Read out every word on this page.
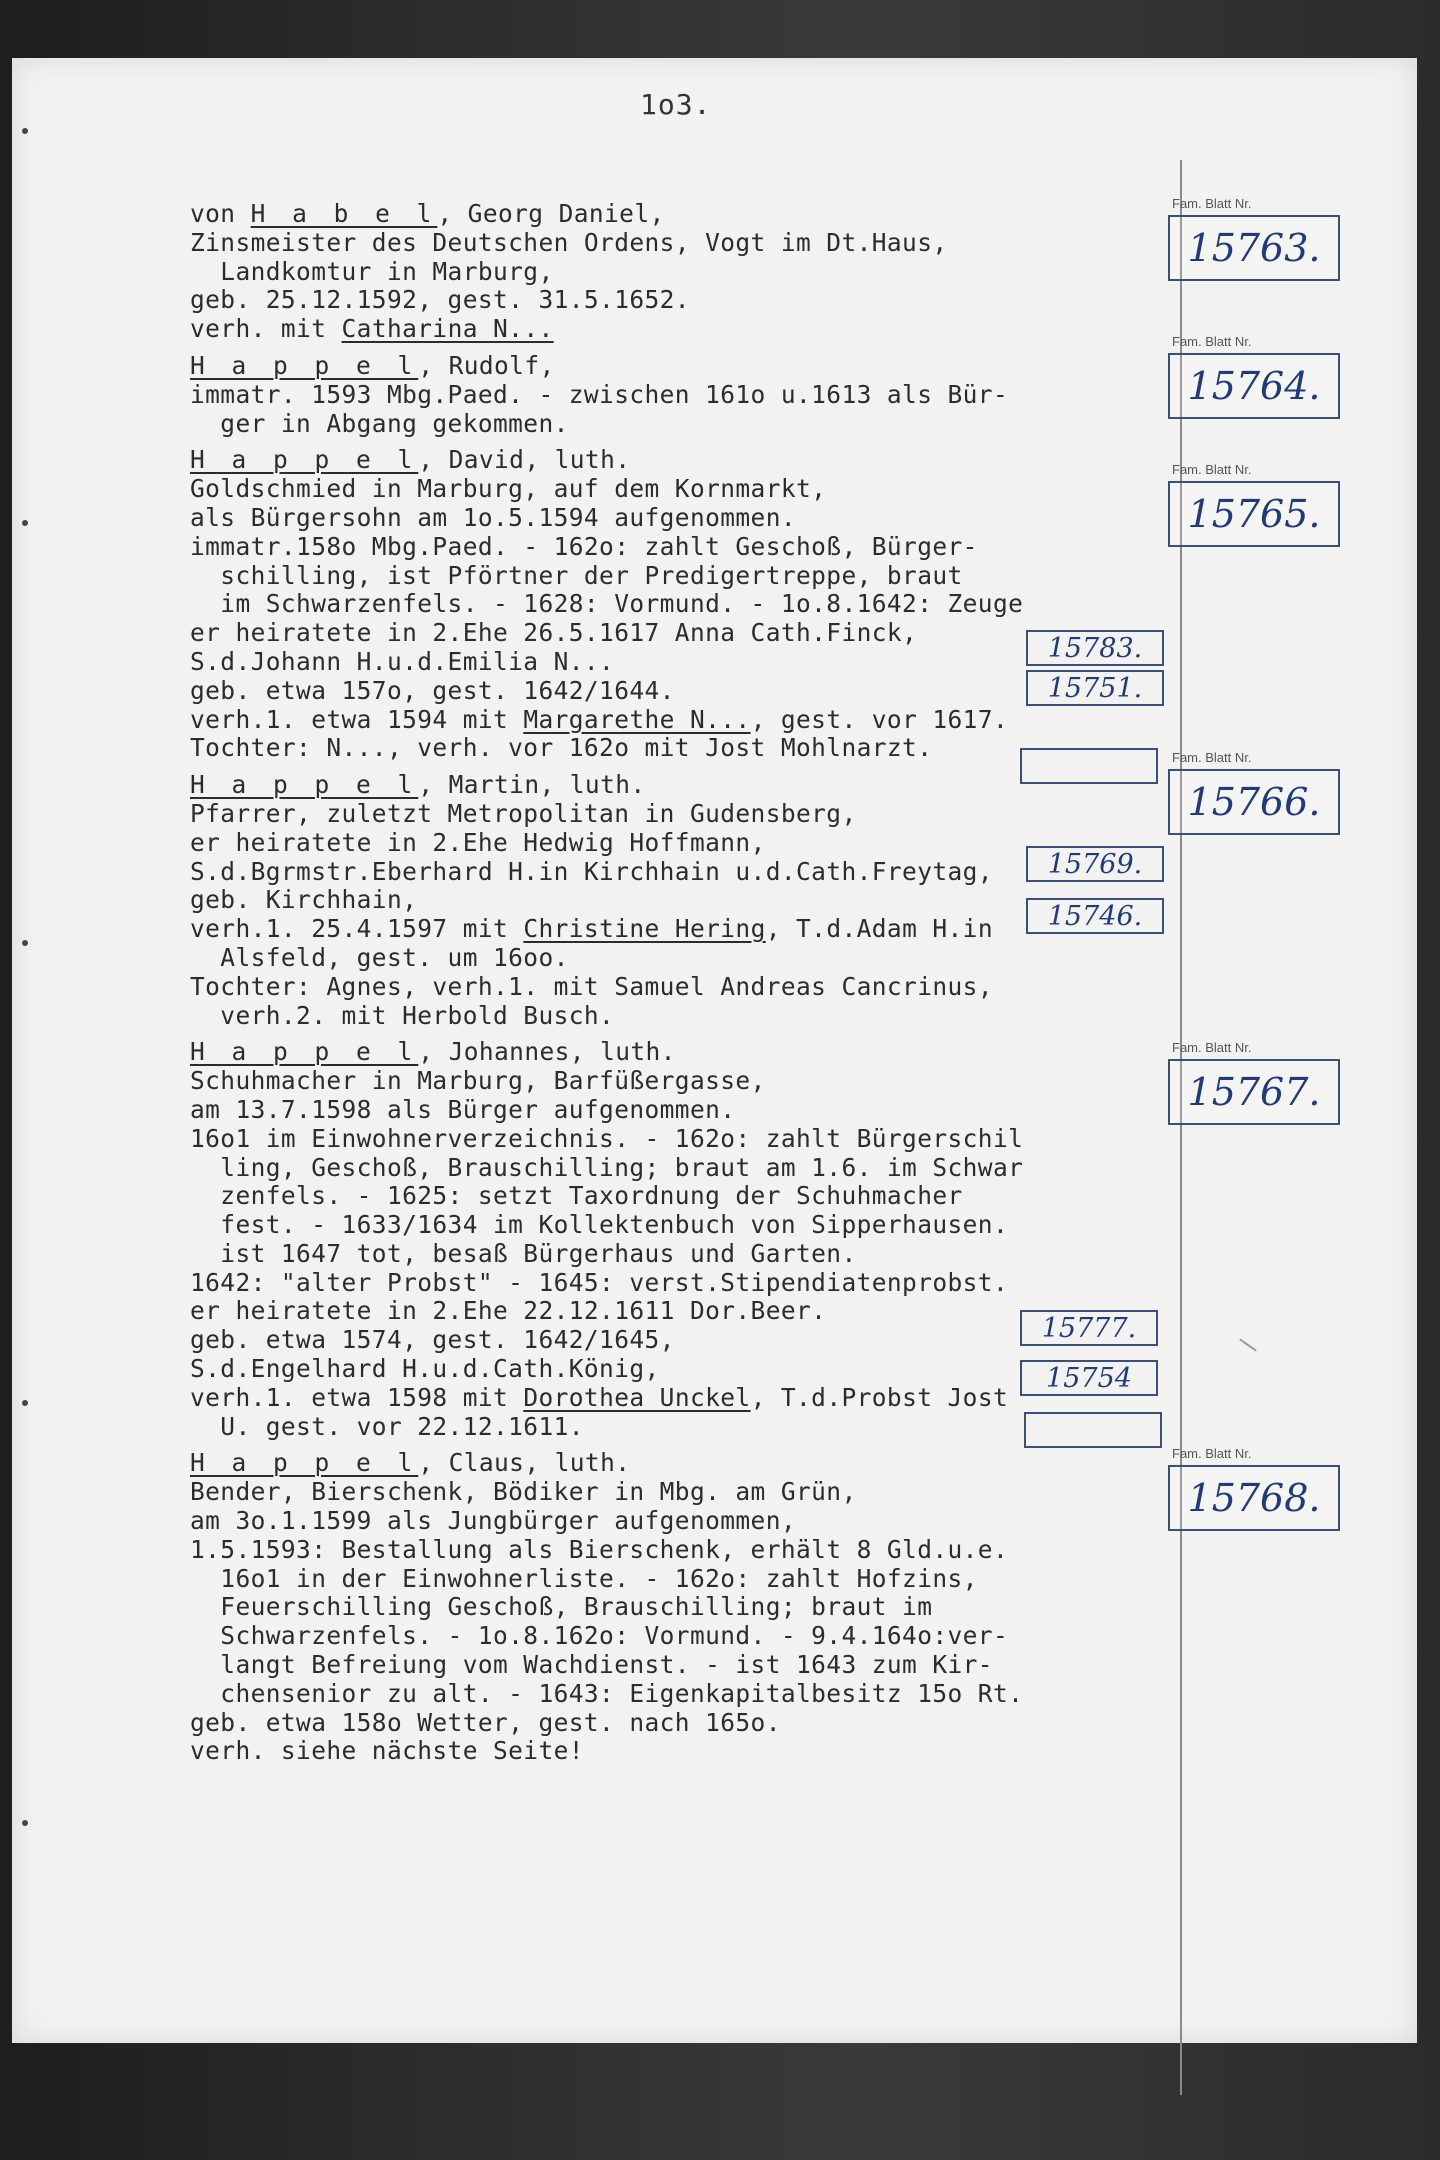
1o3.
von H a b e l, Georg Daniel,
Zinsmeister des Deutschen Ordens, Vogt im Dt.Haus,
Landkomtur in Marburg,
geb. 25.12.1592, gest. 31.5.1652.
verh. mit Catharina N...
H a p p e l, Rudolf,
immatr. 1593 Mbg.Paed. - zwischen 161o u.1613 als Bür-
ger in Abgang gekommen.
H a p p e l, David, luth.
Goldschmied in Marburg, auf dem Kornmarkt,
als Bürgersohn am 1o.5.1594 aufgenommen.
immatr.158o Mbg.Paed. - 162o: zahlt Geschoß, Bürger-
schilling, ist Pförtner der Predigertreppe, braut
im Schwarzenfels. - 1628: Vormund. - 1o.8.1642: Zeuge
er heiratete in 2.Ehe 26.5.1617 Anna Cath.Finck,
S.d.Johann H.u.d.Emilia N...
geb. etwa 157o, gest. 1642/1644.
verh.1. etwa 1594 mit Margarethe N..., gest. vor 1617.
Tochter: N..., verh. vor 162o mit Jost Mohlnarzt.
H a p p e l, Martin, luth.
Pfarrer, zuletzt Metropolitan in Gudensberg,
er heiratete in 2.Ehe Hedwig Hoffmann,
S.d.Bgrmstr.Eberhard H.in Kirchhain u.d.Cath.Freytag,
geb. Kirchhain,
verh.1. 25.4.1597 mit Christine Hering, T.d.Adam H.in
Alsfeld, gest. um 16oo.
Tochter: Agnes, verh.1. mit Samuel Andreas Cancrinus,
verh.2. mit Herbold Busch.
H a p p e l, Johannes, luth.
Schuhmacher in Marburg, Barfüßergasse,
am 13.7.1598 als Bürger aufgenommen.
16o1 im Einwohnerverzeichnis. - 162o: zahlt Bürgerschil
ling, Geschoß, Brauschilling; braut am 1.6. im Schwar
zenfels. - 1625: setzt Taxordnung der Schuhmacher
fest. - 1633/1634 im Kollektenbuch von Sipperhausen.
ist 1647 tot, besaß Bürgerhaus und Garten.
1642: "alter Probst" - 1645: verst.Stipendiatenprobst.
er heiratete in 2.Ehe 22.12.1611 Dor.Beer.
geb. etwa 1574, gest. 1642/1645,
S.d.Engelhard H.u.d.Cath.König,
verh.1. etwa 1598 mit Dorothea Unckel, T.d.Probst Jost
U. gest. vor 22.12.1611.
H a p p e l, Claus, luth.
Bender, Bierschenk, Bödiker in Mbg. am Grün,
am 3o.1.1599 als Jungbürger aufgenommen,
1.5.1593: Bestallung als Bierschenk, erhält 8 Gld.u.e.
16o1 in der Einwohnerliste. - 162o: zahlt Hofzins,
Feuerschilling Geschoß, Brauschilling; braut im
Schwarzenfels. - 1o.8.162o: Vormund. - 9.4.164o:ver-
langt Befreiung vom Wachdienst. - ist 1643 zum Kir-
chensenior zu alt. - 1643: Eigenkapitalbesitz 15o Rt.
geb. etwa 158o Wetter, gest. nach 165o.
verh. siehe nächste Seite!
Fam. Blatt Nr.
15763.
Fam. Blatt Nr.
15764.
Fam. Blatt Nr.
15765.
Fam. Blatt Nr.
15766.
Fam. Blatt Nr.
15767.
Fam. Blatt Nr.
15768.
15783.
15751.
15769.
15746.
15777.
15754
